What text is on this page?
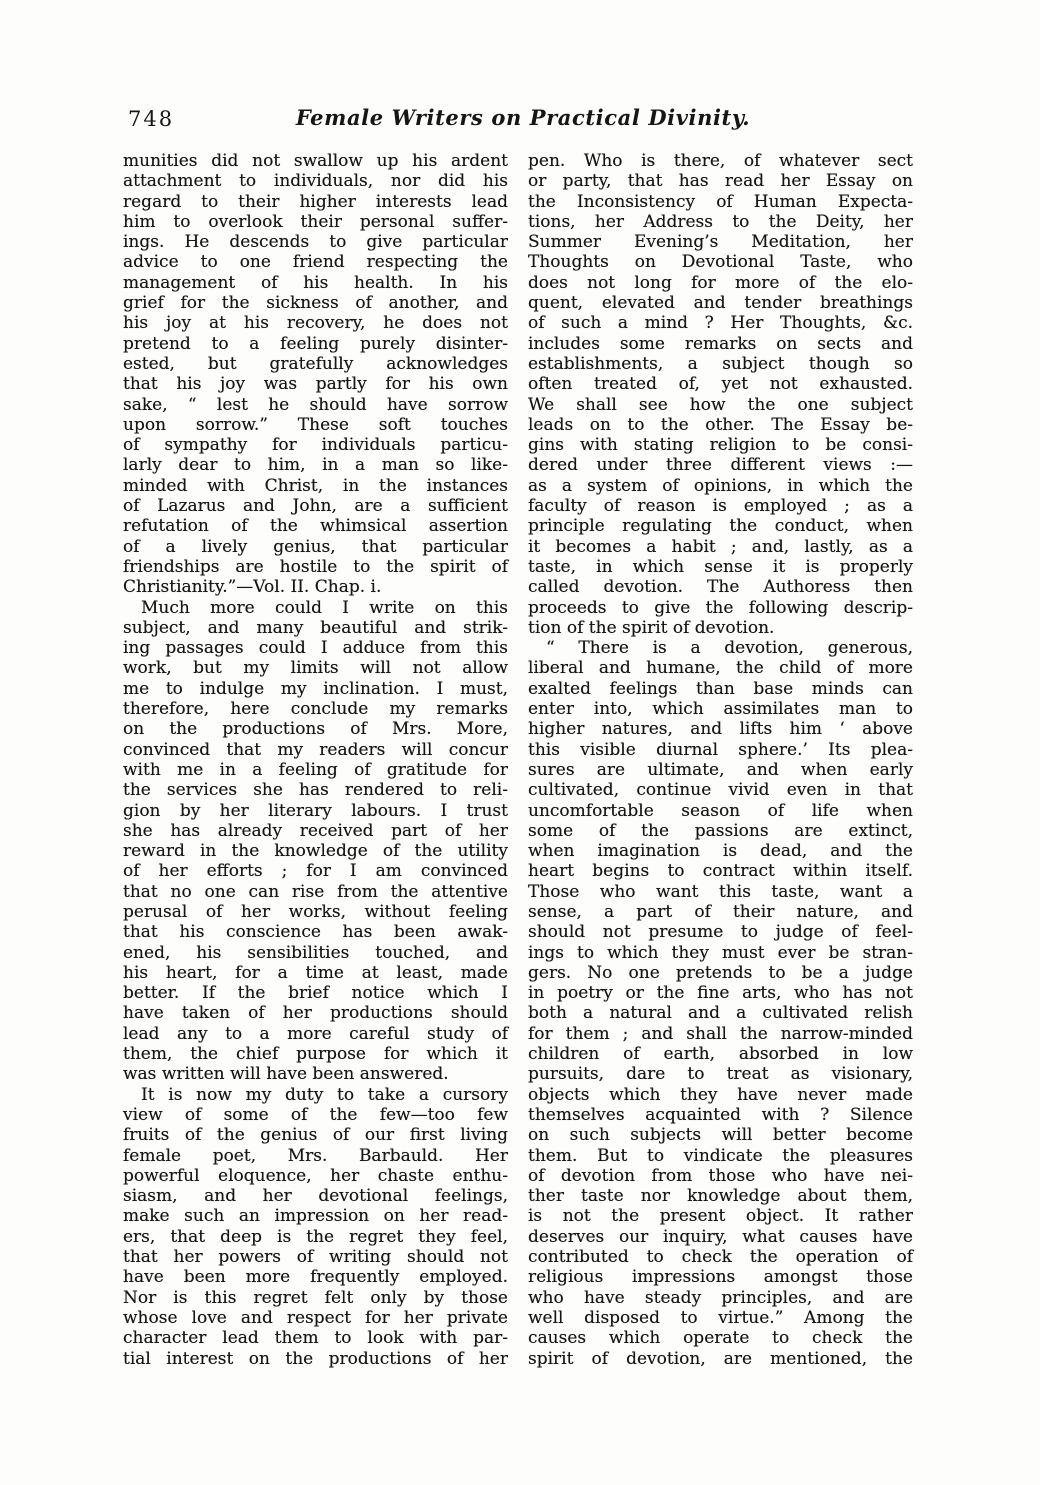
748	Female Writers on Practical Divinity.
munities did not swallow up his ardent
attachment to individuals, nor did his
regard to their higher interests lead
him to overlook their personal suffer-
ings. He descends to give particular
advice to one friend respecting the
management of his health. In his
grief for the sickness of another, and
his joy at his recovery, he does not
pretend to a feeling purely disinter-
ested, but gratefully acknowledges
that his joy was partly for his own
sake, “ lest he should have sorrow
upon sorrow.” These soft touches
of sympathy for individuals particu-
larly dear to him, in a man so like-
minded with Christ, in the instances
of Lazarus and John, are a sufficient
refutation of the whimsical assertion
of a lively genius, that particular
friendships are hostile to the spirit of
Christianity.”—Vol. II. Chap. i.
Much more could I write on this
subject, and many beautiful and strik-
ing passages could I adduce from this
work, but my limits will not allow
me to indulge my inclination. I must,
therefore, here conclude my remarks
on the productions of Mrs. More,
convinced that my readers will concur
with me in a feeling of gratitude for
the services she has rendered to reli-
gion by her literary labours. I trust
she has already received part of her
reward in the knowledge of the utility
of her efforts ; for I am convinced
that no one can rise from the attentive
perusal of her works, without feeling
that his conscience has been awak-
ened, his sensibilities touched, and
his heart, for a time at least, made
better. If the brief notice which I
have taken of her productions should
lead any to a more careful study of
them, the chief purpose for which it
was written will have been answered.
It is now my duty to take a cursory
view of some of the few—too few
fruits of the genius of our first living
female poet, Mrs. Barbauld. Her
powerful eloquence, her chaste enthu-
siasm, and her devotional feelings,
make such an impression on her read-
ers, that deep is the regret they feel,
that her powers of writing should not
have been more frequently employed.
Nor is this regret felt only by those
whose love and respect for her private
character lead them to look with par-
tial interest on the productions of her
pen. Who is there, of whatever sect
or party, that has read her Essay on
the Inconsistency of Human Expecta-
tions, her Address to the Deity, her
Summer Evening’s Meditation, her
Thoughts on Devotional Taste, who
does not long for more of the elo-
quent, elevated and tender breathings
of such a mind ? Her Thoughts, &c.
includes some remarks on sects and
establishments, a subject though so
often treated of, yet not exhausted.
We shall see how the one subject
leads on to the other. The Essay be-
gins with stating religion to be consi-
dered under three different views :—
as a system of opinions, in which the
faculty of reason is employed ; as a
principle regulating the conduct, when
it becomes a habit ; and, lastly, as a
taste, in which sense it is properly
called devotion. The Authoress then
proceeds to give the following descrip-
tion of the spirit of devotion.
“ There is a devotion, generous,
liberal and humane, the child of more
exalted feelings than base minds can
enter into, which assimilates man to
higher natures, and lifts him ‘ above
this visible diurnal sphere.’ Its plea-
sures are ultimate, and when early
cultivated, continue vivid even in that
uncomfortable season of life when
some of the passions are extinct,
when imagination is dead, and the
heart begins to contract within itself.
Those who want this taste, want a
sense, a part of their nature, and
should not presume to judge of feel-
ings to which they must ever be stran-
gers. No one pretends to be a judge
in poetry or the fine arts, who has not
both a natural and a cultivated relish
for them ; and shall the narrow-minded
children of earth, absorbed in low
pursuits, dare to treat as visionary,
objects which they have never made
themselves acquainted with ? Silence
on such subjects will better become
them. But to vindicate the pleasures
of devotion from those who have nei-
ther taste nor knowledge about them,
is not the present object. It rather
deserves our inquiry, what causes have
contributed to check the operation of
religious impressions amongst those
who have steady principles, and are
well disposed to virtue.” Among the
causes which operate to check the
spirit of devotion, are mentioned, the
